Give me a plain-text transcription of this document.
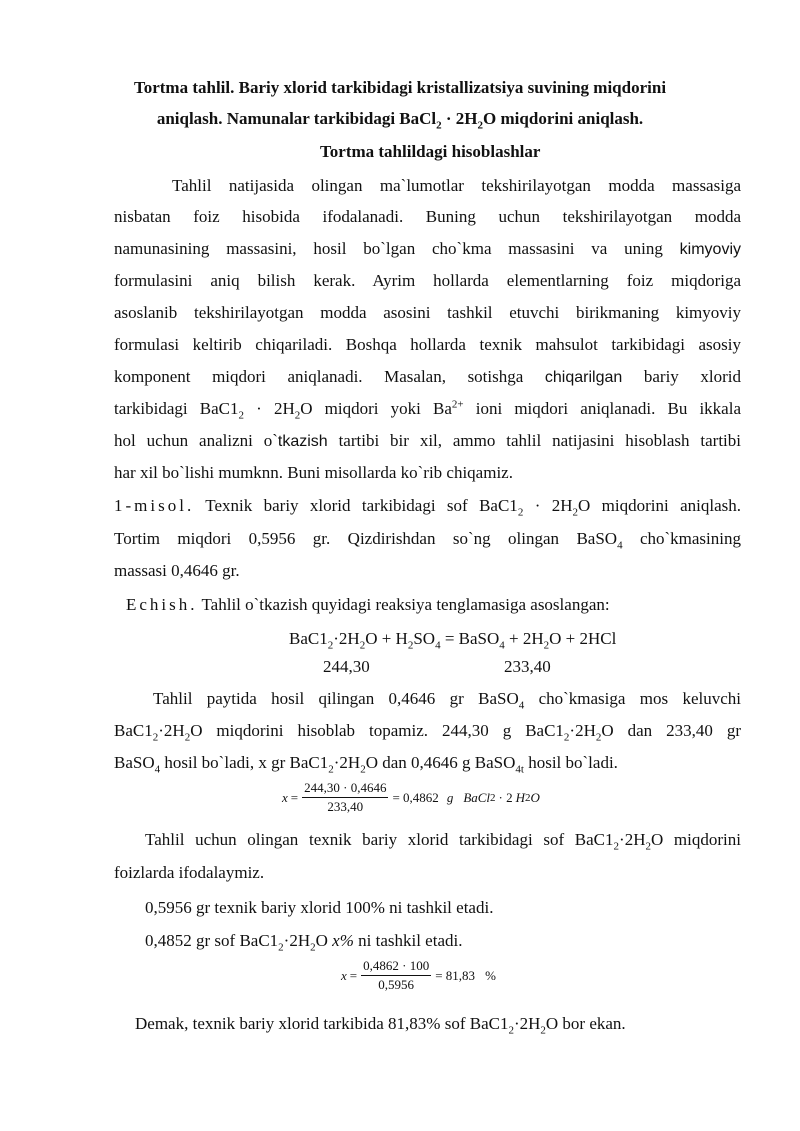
Tortma tahlil. Bariy xlorid tarkibidagi kristallizatsiya suvining miqdorini
aniqlash. Namunalar tarkibidagi BaCl$_2$ · $2H_2O$ miqdorini aniqlash.
Tortma tahlildagi hisoblashlar
Tahlil natijasida olingan ma`lumotlar tekshirilayotgan modda massasiga
nisbatan foiz hisobida ifodalanadi. Buning uchun tekshirilayotgan modda
namunasining massasini, hosil bo`lgan cho`kma massasini va uning kimyoviy
formulasini aniq bilish kerak. Ayrim hollarda elementlarning foiz miqdoriga
asoslanib tekshirilayotgan modda asosini tashkil etuvchi birikmaning kimyoviy
formulasi keltirib chiqariladi. Boshqa hollarda texnik mahsulot tarkibidagi asosiy
komponent miqdori aniqlanadi. Masalan, sotishga chiqarilgan bariy xlorid
tarkibidagi $BaC1_2 \cdot 2H_2O$ miqdori yoki $Ba^{2+}$ ioni miqdori aniqlanadi. Bu ikkala
hol uchun analizni o`tkazish tartibi bir xil, ammo tahlil natijasini hisoblash tartibi
har xil bo`lishi mumknn. Buni misollarda ko`rib chiqamiz.
1-misol. Texnik bariy xlorid tarkibidagi sof $BaC1_2 \cdot 2H_2O$ miqdorini aniqlash.
Tortim miqdori 0,5956 gr. Qizdirishdan so`ng olingan BaSO$_4$ cho`kmasining
massasi 0,4646 gr.
Echish. Tahlil o`tkazish quyidagi reaksiya tenglamasiga asoslangan:
$BaC1_2\cdot 2H_2O + H_2SO_4$ = BaSO$_4$ + $2H_2O + 2HCl$
244,30	233,40
Tahlil paytida hosil qilingan 0,4646 gr BaSO$_4$ cho`kmasiga mos keluvchi
$BaC1_2\cdot 2H_2O$ miqdorini hisoblab topamiz. 244,30 g $BaC1_2\cdot 2H_2O$ dan 233,40 gr
BaSO$_4$ hosil bo`ladi, x gr $BaC1_2\cdot 2H_2O$ dan 0,4646 g BaSO$_{4t}$ hosil bo`ladi.
$x = \frac{244,30 \cdot 0,4646}{233,40} = 0,4862$ g BaCl 2 · 2 H 2 O
Tahlil uchun olingan texnik bariy xlorid tarkibidagi sof $BaC1_2\cdot 2H_2O$ miqdorini
foizlarda ifodalaymiz.
0,5956 gr texnik bariy xlorid 100% ni tashkil etadi.
0,4852 gr sof $BaC1_2\cdot 2H_2O$ x% ni tashkil etadi.
$x = \frac{0,4862 \cdot 100}{0,5956} = 81,83$ %
Demak, texnik bariy xlorid tarkibida 81,83% sof $BaC1_2\cdot 2H_2O$ bor ekan.
